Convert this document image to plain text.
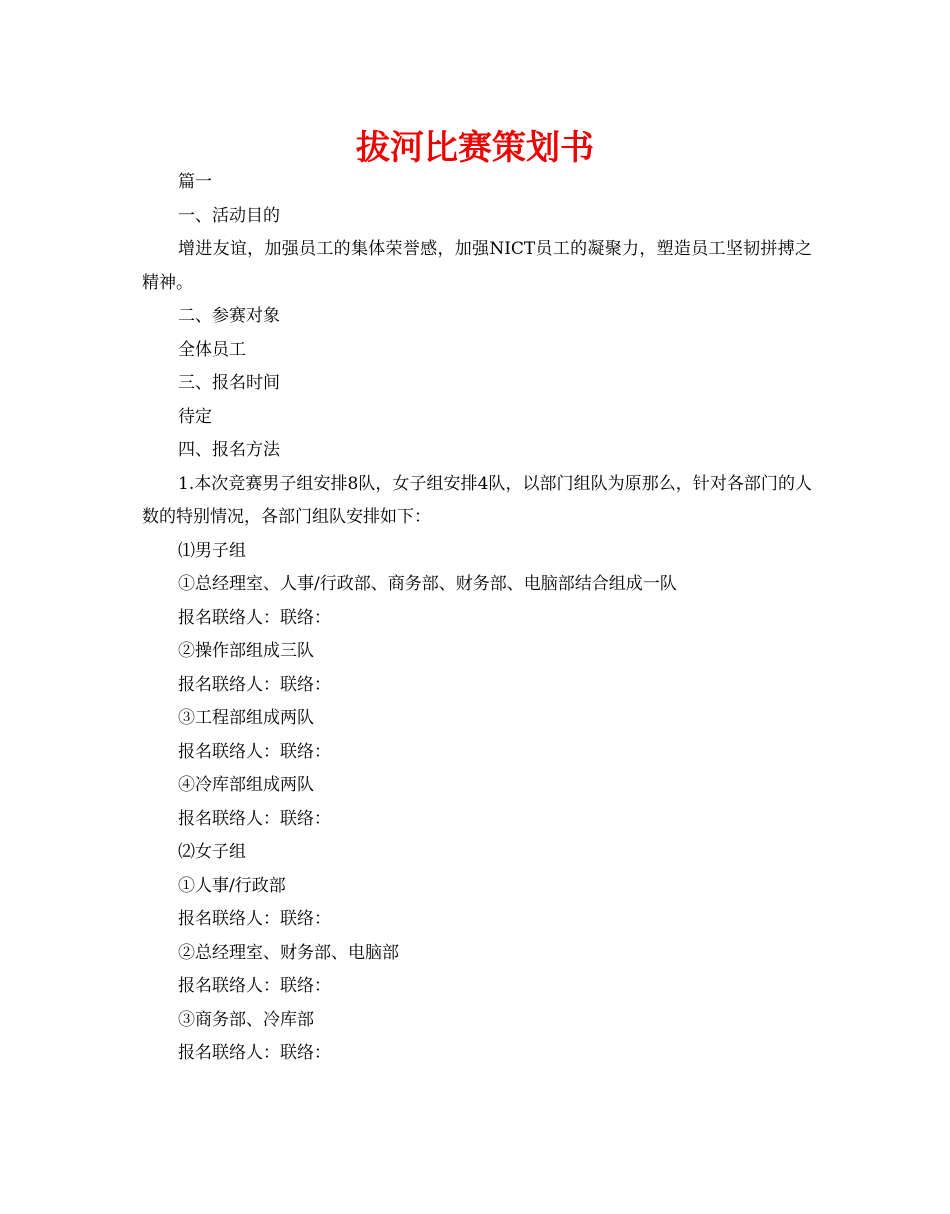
拔河比赛策划书

篇一

一、活动目的

增进友谊，加强员工的集体荣誉感，加强NICT员工的凝聚力，塑造员工坚韧拼搏之精神。

二、参赛对象

全体员工

三、报名时间

待定

四、报名方法

1.本次竞赛男子组安排8队，女子组安排4队，以部门组队为原那么，针对各部门的人数的特别情况，各部门组队安排如下：

⑴男子组

①总经理室、人事/行政部、商务部、财务部、电脑部结合组成一队

报名联络人：联络：

②操作部组成三队

报名联络人：联络：

③工程部组成两队

报名联络人：联络：

④冷库部组成两队

报名联络人：联络：

⑵女子组

①人事/行政部

报名联络人：联络：

②总经理室、财务部、电脑部

报名联络人：联络：

③商务部、冷库部

报名联络人：联络：
